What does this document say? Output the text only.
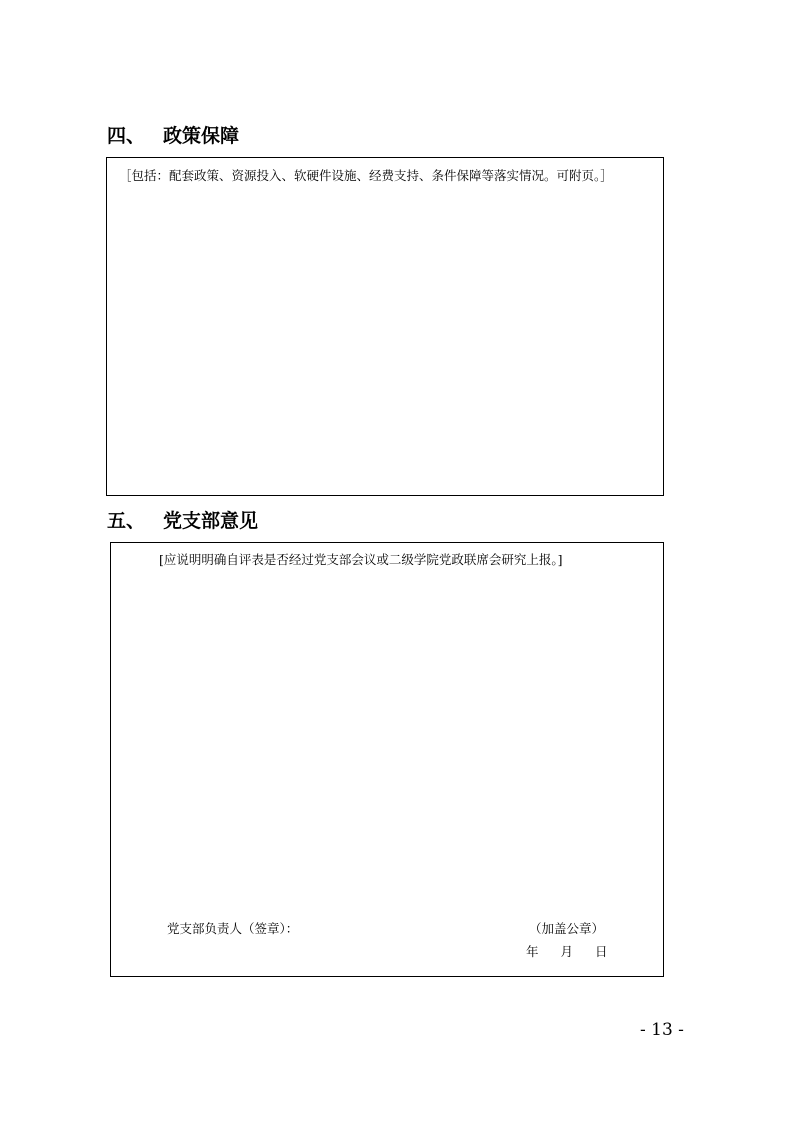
四、 政策保障
［包括：配套政策、资源投入、软硬件设施、经费支持、条件保障等落实情况。可附页。］
五、 党支部意见
[应说明明确自评表是否经过党支部会议或二级学院党政联席会研究上报。]
党支部负责人（签章）：	（加盖公章）
年 月 日
- 13 -
